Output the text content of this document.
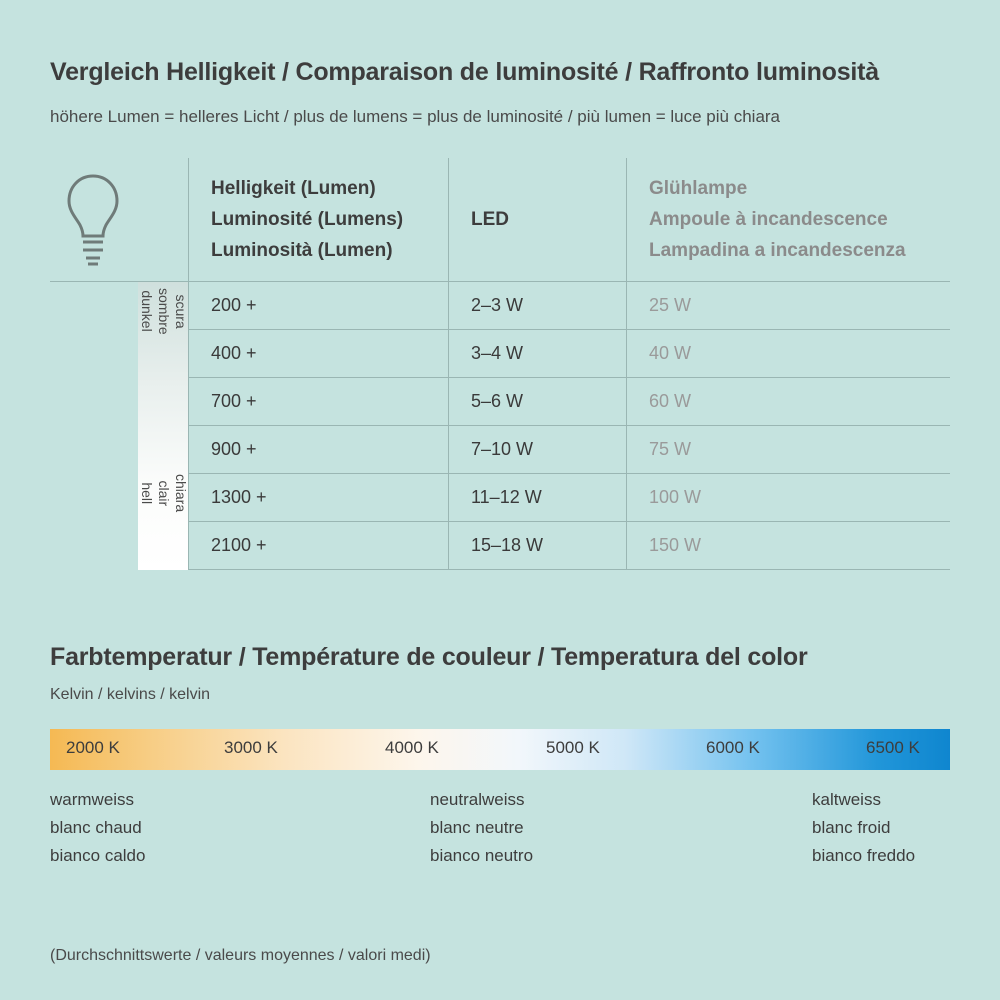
Vergleich Helligkeit / Comparaison de luminosité / Raffronto luminosità
höhere Lumen = helleres Licht / plus de lumens = plus de luminosité / più lumen = luce più chiara
dunkel
sombre
scura
hell
clair
chiara
Helligkeit (Lumen)
Luminosité (Lumens)
Luminosità (Lumen)
LED
Glühlampe
Ampoule à incandescence
Lampadina a incandescenza
200 +	2–3 W	25 W
400 +	3–4 W	40 W
700 +	5–6 W	60 W
900 +	7–10 W	75 W
1300 +	11–12 W	100 W
2100 +	15–18 W	150 W
Farbtemperatur / Température de couleur / Temperatura del color
Kelvin / kelvins / kelvin
2000 K	3000 K	4000 K	5000 K	6000 K	6500 K
warmweiss
blanc chaud
bianco caldo
neutralweiss
blanc neutre
bianco neutro
kaltweiss
blanc froid
bianco freddo
(Durchschnittswerte / valeurs moyennes / valori medi)
